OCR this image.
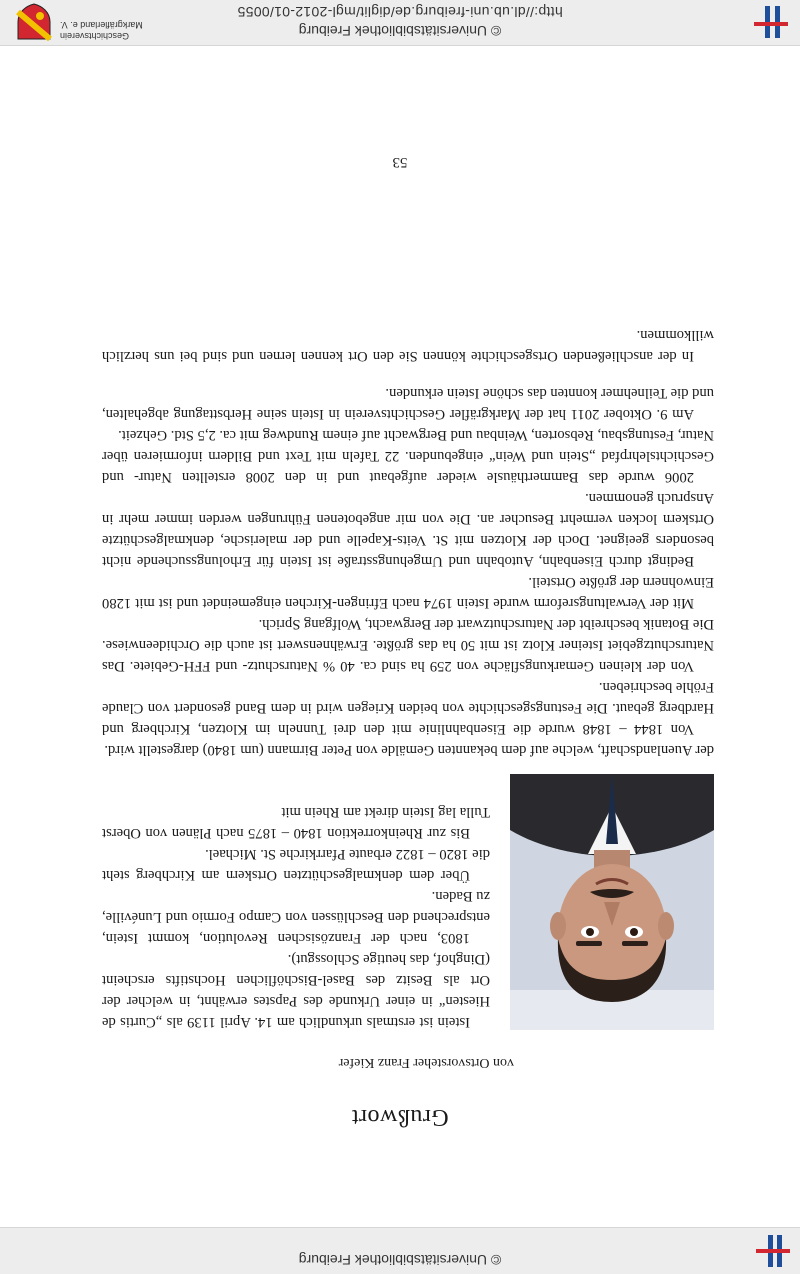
© Universitätsbibliothek Freiburg
© Universitätsbibliothek Freiburg
http://dl.ub.uni-freiburg.de/diglit/mgl-2012-01/0055
Geschichtsverein Markgräflerland e. V.
Grußwort
von Ortsvorsteher Franz Kiefer

Istein ist erstmals urkundlich am 14. April 1139 als „Curtis de Hiesten“ in einer Urkunde des Papstes erwähnt, in welcher der Ort als Besitz des Basel-Bischöflichen Hochstifts erscheint (Dinghof, das heutige Schlossgut).

1803, nach der Französischen Revolution, kommt Istein, entsprechend den Beschlüssen von Campo Formio und Lunéville, zu Baden.

Über dem denkmalgeschützten Ortskern am Kirchberg steht die 1820 – 1822 erbaute Pfarrkirche St. Michael.

Bis zur Rheinkorrektion 1840 – 1875 nach Plänen von Oberst Tulla lag Istein direkt am Rhein mit

der Auenlandschaft, welche auf dem bekannten Gemälde von Peter Birmann (um 1840) dargestellt wird.

Von 1844 – 1848 wurde die Eisenbahnlinie mit den drei Tunneln im Klotzen, Kirchberg und Hardberg gebaut. Die Festungsgeschichte von beiden Kriegen wird in dem Band gesondert von Claude Fröhle beschrieben.

Von der kleinen Gemarkungsfläche von 259 ha sind ca. 40 % Naturschutz- und FFH-Gebiete. Das Naturschutzgebiet Isteiner Klotz ist mit 50 ha das größte. Erwähnenswert ist auch die Orchideenwiese. Die Botanik beschreibt der Naturschutzwart der Bergwacht, Wolfgang Sprich.

Mit der Verwaltungsreform wurde Istein 1974 nach Efringen-Kirchen eingemeindet und ist mit 1280 Einwohnern der größte Ortsteil.

Bedingt durch Eisenbahn, Autobahn und Umgehungsstraße ist Istein für Erholungssuchende nicht besonders geeignet. Doch der Klotzen mit St. Veits-Kapelle und der malerische, denkmalgeschützte Ortskern locken vermehrt Besucher an. Die von mir angebotenen Führungen werden immer mehr in Anspruch genommen.

2006 wurde das Bammerthäusle wieder aufgebaut und in den 2008 erstellten Natur- und Geschichtslehrpfad „Stein und Wein“ eingebunden. 22 Tafeln mit Text und Bildern informieren über Natur, Festungsbau, Rebsorten, Weinbau und Bergwacht auf einem Rundweg mit ca. 2,5 Std. Gehzeit.

Am 9. Oktober 2011 hat der Markgräfler Geschichtsverein in Istein seine Herbsttagung abgehalten, und die Teilnehmer konnten das schöne Istein erkunden.

In der anschließenden Ortsgeschichte können Sie den Ort kennen lernen und sind bei uns herzlich willkommen.

53
